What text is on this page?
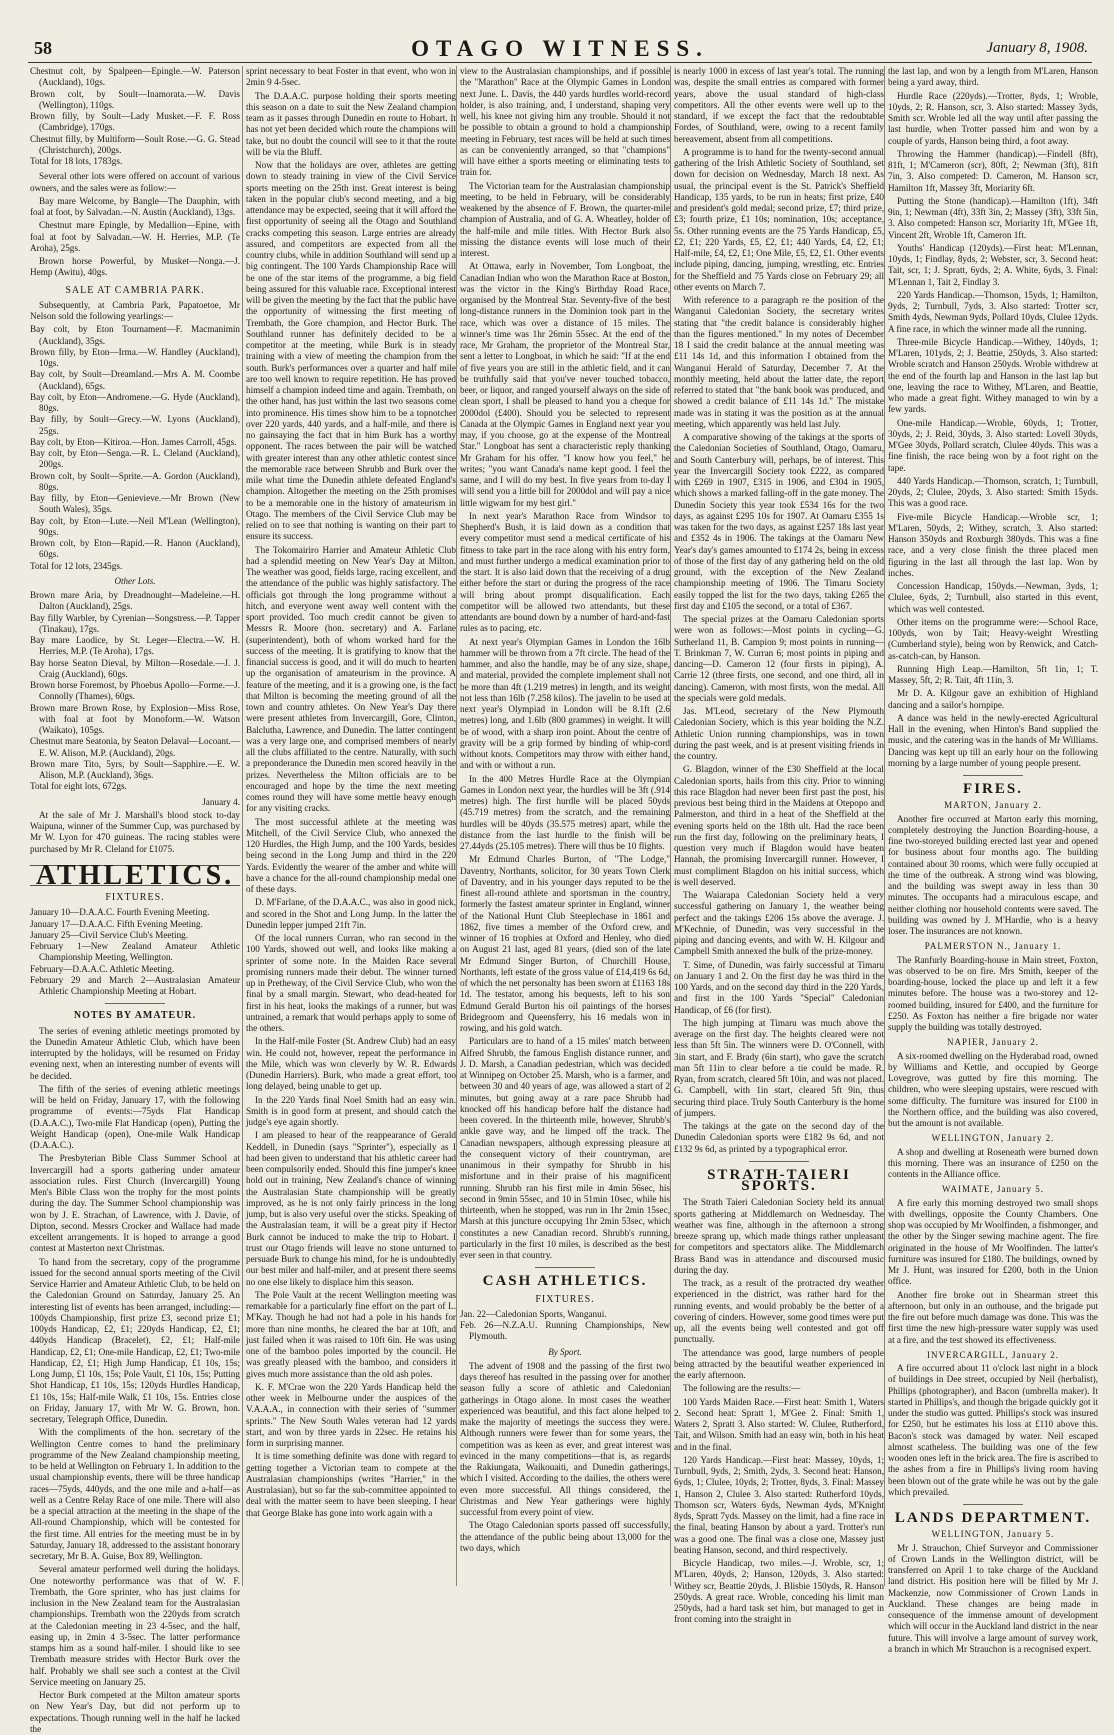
58	OTAGO WITNESS.	January 8, 1908.
Chestnut colt, by Spalpeen—Epingle.—W. Paterson (Auckland), 10gs.
Brown colt, by Soult—Inamorata.—W. Davis (Wellington), 110gs.
Brown filly, by Soult—Lady Musket.—F. F. Ross (Cambridge), 170gs.
Chestnut filly, by Multiform—Soult Rose.—G. G. Stead (Christchurch), 200gs.
Total for 18 lots, 1783gs.

Several other lots were offered on account of various owners, and the sales were as follow:—

Bay mare Welcome, by Bangle—The Dauphin, with foal at foot, by Salvadan.—N. Austin (Auckland), 13gs.

Chestnut mare Epingle, by Medallion—Epine, with foal at foot by Salvadan.—W. H. Herries, M.P. (Te Aroha), 25gs.

Brown horse Powerful, by Musket—Nonga.—J. Hemp (Awitu), 40gs.

SALE AT CAMBRIA PARK.

Subsequently, at Cambria Park, Papatoetoe, Mr Nelson sold the following yearlings:—

Bay colt, by Eton Tournament—F. Macmanimin (Auckland), 35gs.
Brown filly, by Eton—Irma.—W. Handley (Auckland), 10gs.
Bay colt, by Soult—Dreamland.—Mrs A. M. Coombe (Auckland), 65gs.
Bay colt, by Eton—Andromene.—G. Hyde (Auckland), 80gs.
Bay filly, by Soult—Grecy.—W. Lyons (Auckland), 25gs.
Bay colt, by Eton—Kitiroa.—Hon. James Carroll, 45gs.
Bay colt, by Eton—Senga.—R. L. Cleland (Auckland), 200gs.
Brown colt, by Soult—Sprite.—A. Gordon (Auckland), 80gs.
Bay filly, by Eton—Genievieve.—Mr Brown (New South Wales), 35gs.
Bay colt, by Eton—Lute.—Neil M'Lean (Wellington), 90gs.
Brown colt, by Eton—Rapid.—R. Hanon (Auckland), 60gs.
Total for 12 lots, 2345gs.
Other Lots.
Brown mare Aria, by Dreadnought—Madeleine.—H. Dalton (Auckland), 25gs.
Bay filly Warbler, by Cyrenian—Songstress.—P. Tapper (Tinakau), 17gs.
Bay mare Laodice, by St. Leger—Electra.—W. H. Herries, M.P. (Te Aroha), 17gs.
Bay horse Seaton Dieval, by Milton—Rosedale.—J. J. Craig (Auckland), 60gs.
Brown horse Foremost, by Phoebus Apollo—Forme.—J. Connolly (Thames), 60gs.
Brown mare Brown Rose, by Explosion—Miss Rose, with foal at foot by Monoform.—W. Watson (Waikato), 105gs.
Chestnut mare Seatonia, by Seaton Delaval—Locoant.—E. W. Alison, M.P. (Auckland), 20gs.
Brown mare Tito, 5yrs, by Soult—Sapphire.—E. W. Alison, M.P. (Auckland), 36gs.
Total for eight lots, 672gs.

January 4.

At the sale of Mr J. Marshall's blood stock to-day Waipuna, winner of the Summer Cup, was purchased by Mr W. Lyon for 470 guineas. The racing stables were purchased by Mr R. Cleland for £1075.

ATHLETICS.
FIXTURES.
January 10—D.A.A.C. Fourth Evening Meeting.
January 17—D.A.A.C. Fifth Evening Meeting.
January 25—Civil Service Club's Meeting.
February 1—New Zealand Amateur Athletic Championship Meeting, Wellington.
February—D.A.A.C. Athletic Meeting.
February 29 and March 2—Australasian Amateur Athletic Championship Meeting at Hobart.
NOTES BY AMATEUR.

The series of evening athletic meetings promoted by the Dunedin Amateur Athletic Club, which have been interrupted by the holidays, will be resumed on Friday evening next, when an interesting number of events will be decided.

The fifth of the series of evening athletic meetings will be held on Friday, January 17, with the following programme of events:—75yds Flat Handicap (D.A.A.C.), Two-mile Flat Handicap (open), Putting the Weight Handicap (open), One-mile Walk Handicap (D.A.A.C.).

The Presbyterian Bible Class Summer School at Invercargill had a sports gathering under amateur association rules. First Church (Invercargill) Young Men's Bible Class won the trophy for the most points during the day. The Summer School championship was won by J. E. Strachan, of Lawrence, with J. Davie, of Dipton, second. Messrs Crocker and Wallace had made excellent arrangements. It is hoped to arrange a good contest at Masterton next Christmas.

To hand from the secretary, copy of the programme issued for the second annual sports meeting of the Civil Service Harrier and Amateur Athletic Club, to be held on the Caledonian Ground on Saturday, January 25. An interesting list of events has been arranged, including:—100yds Championship, first prize £3, second prize £1; 100yds Handicap, £2, £1; 220yds Handicap, £2, £1; 440yds Handicap (Bracelet), £2, £1; Half-mile Handicap, £2, £1; One-mile Handicap, £2, £1; Two-mile Handicap, £2, £1; High Jump Handicap, £1 10s, 15s; Long Jump, £1 10s, 15s; Pole Vault, £1 10s, 15s; Putting Shot Handicap, £1 10s, 15s; 120yds Hurdles Handicap, £1 10s, 15s; Half-mile Walk, £1 10s, 15s. Entries close on Friday, January 17, with Mr W. G. Brown, hon. secretary, Telegraph Office, Dunedin.

With the compliments of the hon. secretary of the Wellington Centre comes to hand the preliminary programme of the New Zealand championship meeting, to be held at Wellington on February 1. In addition to the usual championship events, there will be three handicap races—75yds, 440yds, and the one mile and a-half—as well as a Centre Relay Race of one mile. There will also be a special attraction at the meeting in the shape of the All-round Championship, which will be contested for the first time. All entries for the meeting must be in by Saturday, January 18, addressed to the assistant honorary secretary, Mr B. A. Guise, Box 89, Wellington.

Several amateur performed well during the holidays. One noteworthy performance was that of W. F. Trembath, the Gore sprinter, who has just claims for inclusion in the New Zealand team for the Australasian championships. Trembath won the 220yds from scratch at the Caledonian meeting in 23 4-5sec, and the half, easing up, in 2min 4 3-5sec. The latter performance stamps him as a sound half-miler. I should like to see Trembath measure strides with Hector Burk over the half. Probably we shall see such a contest at the Civil Service meeting on January 25.

Hector Burk competed at the Milton amateur sports on New Year's Day, but did not perform up to expectations. Though running well in the half he lacked the

sprint necessary to beat Foster in that event, who won in 2min 9 4-5sec.

The D.A.A.C. purpose holding their sports meeting this season on a date to suit the New Zealand champion team as it passes through Dunedin en route to Hobart. It has not yet been decided which route the champions will take, but no doubt the council will see to it that the route will be via the Bluff.

Now that the holidays are over, athletes are getting down to steady training in view of the Civil Service sports meeting on the 25th inst. Great interest is being taken in the popular club's second meeting, and a big attendance may be expected, seeing that it will afford the first opportunity of seeing all the Otago and Southland cracks competing this season. Large entries are already assured, and competitors are expected from all the country clubs, while in addition Southland will send up a big contingent. The 100 Yards Championship Race will be one of the star items of the programme, a big field being assured for this valuable race. Exceptional interest will be given the meeting by the fact that the public have the opportunity of witnessing the first meeting of Trembath, the Gore champion, and Hector Burk. The Southland runner has definitely decided to be a competitor at the meeting, while Burk is in steady training with a view of meeting the champion from the south. Burk's performances over a quarter and half mile are too well known to require repetition. He has proved himself a champion indeed time and again. Trembath, on the other hand, has just within the last two seasons come into prominence. His times show him to be a topnotcher over 220 yards, 440 yards, and a half-mile, and there is no gainsaying the fact that in him Burk has a worthy opponent. The races between the pair will be watched with greater interest than any other athletic contest since the memorable race between Shrubb and Burk over the mile what time the Dunedin athlete defeated England's champion. Altogether the meeting on the 25th promises to be a memorable one in the history of amateurism in Otago. The members of the Civil Service Club may be relied on to see that nothing is wanting on their part to ensure its success.

The Tokomairiro Harrier and Amateur Athletic Club had a splendid meeting on New Year's Day at Milton. The weather was good, fields large, racing excellent, and the attendance of the public was highly satisfactory. The officials got through the long programme without a hitch, and everyone went away well content with the sport provided. Too much credit cannot be given to Messrs R. Moore (hon. secretary) and A. Farlane (superintendent), both of whom worked hard for the success of the meeting. It is gratifying to know that the financial success is good, and it will do much to hearten up the organisation of amateurism in the province. A feature of the meeting, and it is a growing one, is the fact that Milton is becoming the meeting ground of all the town and country athletes. On New Year's Day there were present athletes from Invercargill, Gore, Clinton, Balclutha, Lawrence, and Dunedin. The latter contingent was a very large one, and comprised members of nearly all the clubs affiliated to the centre. Naturally, with such a preponderance the Dunedin men scored heavily in the prizes. Nevertheless the Milton officials are to be encouraged and hope by the time the next meeting comes round they will have some mettle heavy enough for any visiting cracks.

The most successful athlete at the meeting was Mitchell, of the Civil Service Club, who annexed the 120 Hurdles, the High Jump, and the 100 Yards, besides being second in the Long Jump and third in the 220 Yards. Evidently the wearer of the amber and white will have a chance for the all-round championship medal one of these days.

D. M'Farlane, of the D.A.A.C., was also in good nick, and scored in the Shot and Long Jump. In the latter the Dunedin lepper jumped 21ft 7in.

Of the local runners Curran, who ran second in the 100 Yards, showed out well, and looks like making a sprinter of some note. In the Maiden Race several promising runners made their debut. The winner turned up in Pretheway, of the Civil Service Club, who won the final by a small margin. Stewart, who dead-heated for first in his heat, looks the makings of a runner, but was untrained, a remark that would perhaps apply to some of the others.

In the Half-mile Foster (St. Andrew Club) had an easy win. He could not, however, repeat the performance in the Mile, which was won cleverly by W. R. Edwards (Dunedin Harriers). Burk, who made a great effort, too long delayed, being unable to get up.

In the 220 Yards final Noel Smith had an easy win. Smith is in good form at present, and should catch the judge's eye again shortly.

I am pleased to hear of the reappearance of Gerald Keddell, in Dunedin (says "Sprinter"), especially as I had been given to understand that his athletic career had been compulsorily ended. Should this fine jumper's knee hold out in training, New Zealand's chance of winning the Australasian State championship will be greatly improved, as he is not only fairly princess in the long jump, but is also very useful over the sticks. Speaking of the Australasian team, it will be a great pity if Hector Burk cannot be induced to make the trip to Hobart. I trust our Otago friends will leave no stone unturned to persuade Burk to change his mind, for he is undoubtedly our best miler and half-miler, and at present there seems no one else likely to displace him this season.

The Pole Vault at the recent Wellington meeting was remarkable for a particularly fine effort on the part of L. M'Kay. Though he had not had a pole in his hands for more than nine months, he cleared the bar at 10ft, and just failed when it was raised to 10ft 6in. He was using one of the bamboo poles imported by the council. He was greatly pleased with the bamboo, and considers it gives much more assistance than the old ash poles.

K. F. M'Crae won the 220 Yards Handicap held the other week in Melbourne under the auspices of the V.A.A.A., in connection with their series of "summer sprints." The New South Wales veteran had 12 yards start, and won by three yards in 22sec. He retains his form in surprising manner.

It is time something definite was done with regard to getting together a Victorian team to compete at the Australasian championships (writes "Harrier," in the Australasian), but so far the sub-committee appointed to deal with the matter seem to have been sleeping. I hear that George Blake has gone into work again with a

view to the Australasian championships, and if possible the "Marathon" Race at the Olympic Games in London next June. L. Davis, the 440 yards hurdles world-record holder, is also training, and, I understand, shaping very well, his knee not giving him any trouble. Should it not be possible to obtain a ground to hold a championship meeting in February, test races will be held at such times as can be conveniently arranged, so that "champions" will have either a sports meeting or eliminating tests to train for.

The Victorian team for the Australasian championship meeting, to be held in February, will be considerably weakened by the absence of F. Brown, the quarter-mile champion of Australia, and of G. A. Wheatley, holder of the half-mile and mile titles. With Hector Burk also missing the distance events will lose much of their interest.

At Ottawa, early in November, Tom Longboat, the Canadian Indian who won the Marathon Race at Boston, was the victor in the King's Birthday Road Race, organised by the Montreal Star. Seventy-five of the best long-distance runners in the Dominion took part in the race, which was over a distance of 15 miles. The winner's time was 1hr 26min 55sec. At the end of the race, Mr Graham, the proprietor of the Montreal Star, sent a letter to Longboat, in which he said: "If at the end of five years you are still in the athletic field, and it can be truthfully said that you've never touched tobacco, beer, or liquor, and ranged yourself always on the side of clean sport, I shall be pleased to hand you a cheque for 2000dol (£400). Should you be selected to represent Canada at the Olympic Games in England next year you may, if you choose, go at the expense of the Montreal Star." Longboat has sent a characteristic reply thanking Mr Graham for his offer. "I know how you feel," he writes; "you want Canada's name kept good. I feel the same, and I will do my best. In five years from to-day I will send you a little bill for 2000dol and will pay a nice little wigwam for my best girl."

In next year's Marathon Race from Windsor to Shepherd's Bush, it is laid down as a condition that every competitor must send a medical certificate of his fitness to take part in the race along with his entry form, and must further undergo a medical examination prior to the start. It is also laid down that the receiving of a drug either before the start or during the progress of the race will bring about prompt disqualification. Each competitor will be allowed two attendants, but these attendants are bound down by a number of hard-and-fast rules as to pacing, etc.

At next year's Olympian Games in London the 16lb hammer will be thrown from a 7ft circle. The head of the hammer, and also the handle, may be of any size, shape, and material, provided the complete implement shall not be more than 4ft (1.219 metres) in length, and its weight not less than 16lb (7.258 kilos). The javelin to be used at next year's Olympiad in London will be 8.1ft (2.6 metres) long, and 1.6lb (800 grammes) in weight. It will be of wood, with a sharp iron point. About the centre of gravity will be a grip formed by binding of whip-cord without knots. Competitors may throw with either hand, and with or without a run.

In the 400 Metres Hurdle Race at the Olympian Games in London next year, the hurdles will be 3ft (.914 metres) high. The first hurdle will be placed 50yds (45.719 metres) from the scratch, and the remaining hurdles will be 40yds (35.575 metres) apart, while the distance from the last hurdle to the finish will be 27.44yds (25.105 metres). There will thus be 10 flights.

Mr Edmund Charles Burton, of "The Lodge," Daventry, Northants, solicitor, for 30 years Town Clerk of Daventry, and in his younger days reputed to be the finest all-round athlete and sportsman in the country, formerly the fastest amateur sprinter in England, winner of the National Hunt Club Steeplechase in 1861 and 1862, five times a member of the Oxford crew, and winner of 16 trophies at Oxford and Henley, who died on August 21 last, aged 81 years, (died son of the late Mr Edmund Singer Burton, of Churchill House, Northants, left estate of the gross value of £14,419 6s 6d, of which the net personalty has been sworn at £1163 18s 1d. The testator, among his bequests, left to his son Edmund Gerald Burton his oil paintings of the horses Bridegroom and Queensferry, his 16 medals won in rowing, and his gold watch.

Particulars are to hand of a 15 miles' match between Alfred Shrubb, the famous English distance runner, and J. D. Marsh, a Canadian pedestrian, which was decided at Winnipeg on October 25. Marsh, who is a farmer, and between 30 and 40 years of age, was allowed a start of 2 minutes, but going away at a rare pace Shrubb had knocked off his handicap before half the distance had been covered. In the thirteenth mile, however, Shrubb's ankle gave way, and he limped off the track. The Canadian newspapers, although expressing pleasure at the consequent victory of their countryman, are unanimous in their sympathy for Shrubb in his misfortune and in their praise of his magnificent running. Shrubb ran his first mile in 4min 56sec, his second in 9min 55sec, and 10 in 51min 10sec, while his thirteenth, when he stopped, was run in 1hr 2min 15sec, Marsh at this juncture occupying 1hr 2min 53sec, which constitutes a new Canadian record. Shrubb's running, particularly in the first 10 miles, is described as the best ever seen in that country.

CASH ATHLETICS.
FIXTURES.
Jan. 22—Caledonian Sports, Wanganui.
Feb. 26—N.Z.A.U. Running Championships, New Plymouth.
By Sport.

The advent of 1908 and the passing of the first two days thereof has resulted in the passing over for another season fully a score of athletic and Caledonian gatherings in Otago alone. In most cases the weather experienced was beautiful, and this fact alone helped to make the majority of meetings the success they were. Although runners were fewer than for some years, the competition was as keen as ever, and great interest was evinced in the many competitions—that is, as regards the Rakiungata, Waikouaiti, and Dunedin gatherings, which I visited. According to the dailies, the others were even more successful. All things considered, the Christmas and New Year gatherings were highly successful from every point of view.

The Otago Caledonian sports passed off successfully, the attendance of the public being about 13,000 for the two days, which

is nearly 1000 in excess of last year's total. The running was, despite the small entries as compared with former years, above the usual standard of high-class competitors. All the other events were well up to the standard, if we except the fact that the redoubtable Fordes, of Southland, were, owing to a recent family bereavement, absent from all competitions.

A programme is to hand for the twenty-second annual gathering of the Irish Athletic Society of Southland, set down for decision on Wednesday, March 18 next. As usual, the principal event is the St. Patrick's Sheffield Handicap, 135 yards, to be run in heats; first prize, £40 and president's gold medal; second prize, £7; third prize, £3; fourth prize, £1 10s; nomination, 10s; acceptance, 5s. Other running events are the 75 Yards Handicap, £5, £2, £1; 220 Yards, £5, £2, £1; 440 Yards, £4, £2, £1; Half-mile, £4, £2, £1; One Mile, £5, £2, £1. Other events include piping, dancing, jumping, wrestling, etc. Entries for the Sheffield and 75 Yards close on February 29; all other events on March 7.

With reference to a paragraph re the position of the Wanganui Caledonian Society, the secretary writes stating that "the credit balance is considerably higher than the figures mentioned." In my notes of December 18 I said the credit balance at the annual meeting was £11 14s 1d, and this information I obtained from the Wanganui Herald of Saturday, December 7. At the monthly meeting, held about the latter date, the report referred to stated that "the bank book was produced, and showed a credit balance of £11 14s 1d." The mistake made was in stating it was the position as at the annual meeting, which apparently was held last July.

A comparative showing of the takings at the sports of the Caledonian Societies of Southland, Otago, Oamaru, and South Canterbury will, perhaps, be of interest. This year the Invercargill Society took £222, as compared with £269 in 1907, £315 in 1906, and £304 in 1905, which shows a marked falling-off in the gate money. The Dunedin Society this year took £534 16s for the two days, as against £295 10s for 1907. At Oamaru £355 1s was taken for the two days, as against £257 18s last year and £352 4s in 1906. The takings at the Oamaru New Year's day's games amounted to £174 2s, being in excess of those of the first day of any gathering held on the old ground, with the exception of the New Zealand championship meeting of 1906. The Timaru Society easily topped the list for the two days, taking £265 the first day and £105 the second, or a total of £367.

The special prizes at the Oamaru Caledonian sports were won as follows:—Most points in cycling—G. Sutherland 11, B. Campion 9; most points in running—T. Brinkman 7, W. Curran 6; most points in piping and dancing—D. Cameron 12 (four firsts in piping), A. Carrie 12 (three firsts, one second, and one third, all in dancing). Cameron, with most firsts, won the medal. All the specials were gold medals.

Jas. M'Leod, secretary of the New Plymouth Caledonian Society, which is this year holding the N.Z. Athletic Union running championships, was in town during the past week, and is at present visiting friends in the country.

G. Blagdon, winner of the £30 Sheffield at the local Caledonian sports, hails from this city. Prior to winning this race Blagdon had never been first past the post, his previous best being third in the Maidens at Otepopo and Palmerston, and third in a heat of the Sheffield at the evening sports held on the 18th ult. Had the race been run the first day, following on the preliminary heats, I question very much if Blagdon would have beaten Hannah, the promising Invercargill runner. However, I must compliment Blagdon on his initial success, which is well deserved.

The Waiarapa Caledonian Society held a very successful gathering on January 1, the weather being perfect and the takings £206 15s above the average. J. M'Kechnie, of Dunedin, was very successful in the piping and dancing events, and with W. H. Kilgour and Campbell Smith annexed the bulk of the prize-money.

T. Sime, of Dunedin, was fairly successful at Timaru on January 1 and 2. On the first day he was third in the 100 Yards, and on the second day third in the 220 Yards, and first in the 100 Yards "Special" Caledonian Handicap, of £6 (for first).

The high jumping at Timaru was much above the average on the first day. The heights cleared were not less than 5ft 5in. The winners were D. O'Connell, with 3in start, and F. Brady (6in start), who gave the scratch man 5ft 11in to clear before a tie could be made. R. Ryan, from scratch, cleared 5ft 10in, and was not placed. G. Campbell, with 1in start, cleared 5ft 9in, thus securing third place. Truly South Canterbury is the home of jumpers.

The takings at the gate on the second day of the Dunedin Caledonian sports were £182 9s 6d, and not £132 9s 6d, as printed by a typographical error.

STRATH-TAIERI SPORTS.

The Strath Taieri Caledonian Society held its annual sports gathering at Middlemarch on Wednesday. The weather was fine, although in the afternoon a strong breeze sprang up, which made things rather unpleasant for competitors and spectators alike. The Middlemarch Brass Band was in attendance and discoursed music during the day.

The track, as a result of the protracted dry weather experienced in the district, was rather hard for the running events, and would probably be the better of a covering of cinders. However, some good times were put up, all the events being well contested and got off punctually.

The attendance was good, large numbers of people being attracted by the beautiful weather experienced in the early afternoon.

The following are the results:—

100 Yards Maiden Race.—First heat: Smith 1, Waters 2. Second heat: Spratt 1, M'Gee 2. Final: Smith 1, Waters 2, Spratt 3. Also started: W. Clulee, Rutherford, Tait, and Wilson. Smith had an easy win, both in his heat and in the final.

120 Yards Handicap.—First heat: Massey, 10yds, 1; Turnbull, 9yds, 2; Smith, 2yds, 3. Second heat: Hanson, 6yds, 1; Clulee, 10yds, 2; Trotter, 8yds, 3. Final: Massey 1, Hanson 2, Clulee 3. Also started: Rutherford 10yds, Thomson scr, Waters 6yds, Newman 4yds, M'Knight 8yds, Spratt 7yds. Massey on the limit, had a fine race in the final, beating Hanson by about a yard. Trotter's run was a good one. The final was a close one, Massey just beating Hanson, second, and third respectively.

Bicycle Handicap, two miles.—J. Wroble, scr, 1; M'Laren, 40yds, 2; Hanson, 120yds, 3. Also started: Withey scr, Beattie 20yds, J. Blisbie 150yds, R. Hanson 250yds. A great race. Wroble, conceding his limit man 250yds, had a hard task set him, but managed to get in front coming into the straight in

the last lap, and won by a length from M'Laren, Hanson being a yard away, third.

Hurdle Race (220yds).—Trotter, 8yds, 1; Wroble, 10yds, 2; R. Hanson, scr, 3. Also started: Massey 3yds, Smith scr. Wroble led all the way until after passing the last hurdle, when Trotter passed him and won by a couple of yards, Hanson being third, a foot away.

Throwing the Hammer (handicap).—Findell (8ft), 81ft, 1; M'Cameron (scr), 80ft, 2; Newman (3ft), 81ft 7in, 3. Also competed: D. Cameron, M. Hanson scr, Hamilton 1ft, Massey 3ft, Moriarity 6ft.

Putting the Stone (handicap).—Hamilton (1ft), 34ft 9in, 1; Newman (4ft), 33ft 3in, 2; Massey (3ft), 33ft 5in, 3. Also competed: Hanson scr, Moriarity 1ft, M'Gee 1ft, Vincent 2ft, Wroble 1ft, Cameron 1ft.

Youths' Handicap (120yds).—First heat: M'Lennan, 10yds, 1; Findlay, 8yds, 2; Webster, scr, 3. Second heat: Tait, scr, 1; J. Spratt, 6yds, 2; A. White, 6yds, 3. Final: M'Lennan 1, Tait 2, Findlay 3.

220 Yards Handicap.—Thomson, 15yds, 1; Hamilton, 9yds, 2; Turnbull, 7yds, 3. Also started: Trotter scr, Smith 4yds, Newman 9yds, Pollard 10yds, Clulee 12yds. A fine race, in which the winner made all the running.

Three-mile Bicycle Handicap.—Withey, 140yds, 1; M'Laren, 101yds, 2; J. Beattie, 250yds, 3. Also started: Wroble scratch and Hanson 250yds. Wroble withdrew at the end of the fourth lap and Hanson in the last lap but one, leaving the race to Withey, M'Laren, and Beattie, who made a great fight. Withey managed to win by a few yards.

One-mile Handicap.—Wroble, 60yds, 1; Trotter, 30yds, 2; J. Reid, 30yds, 3. Also started: Lovell 30yds, M'Gee 30yds, Pollard scratch, Clulee 40yds. This was a fine finish, the race being won by a foot right on the tape.

440 Yards Handicap.—Thomson, scratch, 1; Turnbull, 20yds, 2; Clulee, 20yds, 3. Also started: Smith 15yds. This was a good race.

Five-mile Bicycle Handicap.—Wroble scr, 1; M'Laren, 50yds, 2; Withey, scratch, 3. Also started: Hanson 350yds and Roxburgh 380yds. This was a fine race, and a very close finish the three placed men figuring in the last all through the last lap. Won by inches.

Concession Handicap, 150yds.—Newman, 3yds, 1; Clulee, 6yds, 2; Turnbull, also started in this event, which was well contested.

Other items on the programme were:—School Race, 100yds, won by Tait; Heavy-weight Wrestling (Cumberland style), being won by Renwick, and Catch-as-catch-can, by Hanson.

Running High Leap.—Hamilton, 5ft 1in, 1; T. Massey, 5ft, 2; R. Tait, 4ft 11in, 3.

Mr D. A. Kilgour gave an exhibition of Highland dancing and a sailor's hornpipe.

A dance was held in the newly-erected Agricultural Hall in the evening, when Hinton's Band supplied the music, and the catering was in the hands of Mr Williams. Dancing was kept up till an early hour on the following morning by a large number of young people present.

FIRES.

MARTON, January 2.

Another fire occurred at Marton early this morning, completely destroying the Junction Boarding-house, a fine two-storeyed building erected last year and opened for business about four months ago. The building contained about 30 rooms, which were fully occupied at the time of the outbreak. A strong wind was blowing, and the building was swept away in less than 30 minutes. The occupants had a miraculous escape, and neither clothing nor household contents were saved. The building was owned by J. M'Hardie, who is a heavy loser. The insurances are not known.

PALMERSTON N., January 1.

The Ranfurly Boarding-house in Main street, Foxton, was observed to be on fire. Mrs Smith, keeper of the boarding-house, locked the place up and left it a few minutes before. The house was a two-storey and 12-roomed building, insured for £400, and the furniture for £250. As Foxton has neither a fire brigade nor water supply the building was totally destroyed.

NAPIER, January 2.

A six-roomed dwelling on the Hyderabad road, owned by Williams and Kettle, and occupied by George Lovegrove, was gutted by fire this morning. The children, who were sleeping upstairs, were rescued with some difficulty. The furniture was insured for £100 in the Northern office, and the building was also covered, but the amount is not available.

WELLINGTON, January 2.

A shop and dwelling at Roseneath were burned down this morning. There was an insurance of £250 on the contents in the Alliance office.

WAIMATE, January 5.

A fire early this morning destroyed two small shops with dwellings, opposite the County Chambers. One shop was occupied by Mr Woolfinden, a fishmonger, and the other by the Singer sewing machine agent. The fire originated in the house of Mr Woolfinden. The latter's furniture was insured for £180. The buildings, owned by Mr J. Hunt, was insured for £200, both in the Union office.

Another fire broke out in Shearman street this afternoon, but only in an outhouse, and the brigade put the fire out before much damage was done. This was the first time the new high-pressure water supply was used at a fire, and the test showed its effectiveness.

INVERCARGILL, January 2.

A fire occurred about 11 o'clock last night in a block of buildings in Dee street, occupied by Neil (herbalist), Phillips (photographer), and Bacon (umbrella maker). It started in Phillips's, and though the brigade quickly got it under the studio was gutted. Phillips's stock was insured for £250, but he estimates his loss at £110 above this. Bacon's stock was damaged by water. Neil escaped almost scatheless. The building was one of the few wooden ones left in the brick area. The fire is ascribed to the ashes from a fire in Phillips's living room having been blown out of the grate while he was out by the gale which prevailed.

LANDS DEPARTMENT.

WELLINGTON, January 5.

Mr J. Strauchon, Chief Surveyor and Commissioner of Crown Lands in the Wellington district, will be transferred on April 1 to take charge of the Auckland land district. His position here will be filled by Mr J. Mackenzie, now Commissioner of Crown Lands in Auckland. These changes are being made in consequence of the immense amount of development which will occur in the Auckland land district in the near future. This will involve a large amount of survey work, a branch in which Mr Strauchon is a recognised expert.
